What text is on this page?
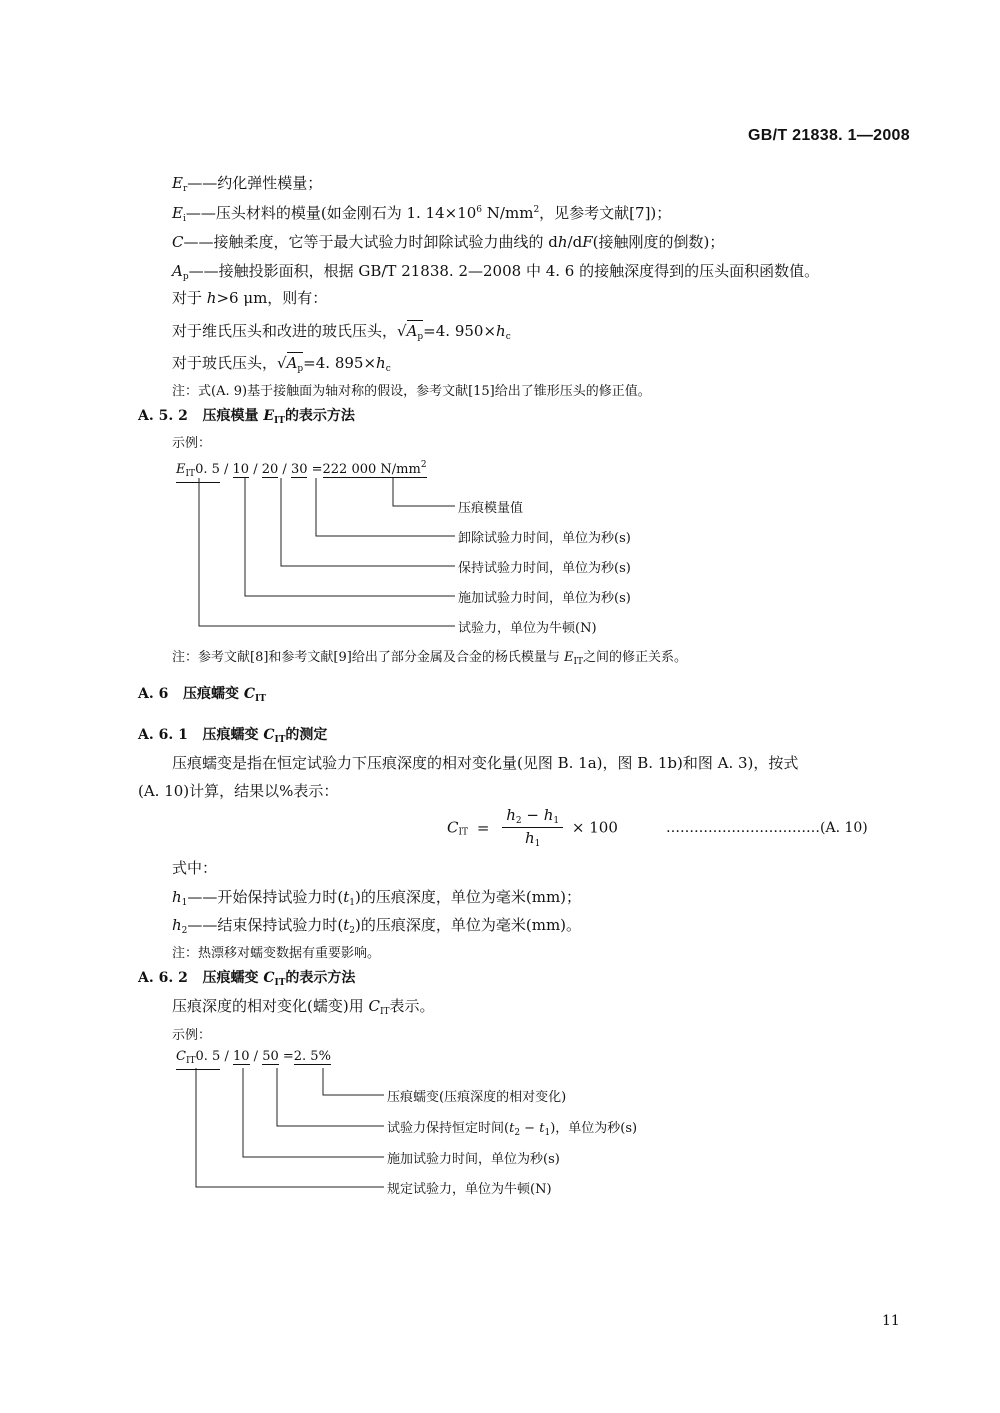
GB/T 21838. 1—2008
$E_r——$约化弹性模量；
$E_i——$压头材料的模量(如金刚石为 1. $14\times 10^6$ $N/mm^2$，见参考文献[7])；
C——接触柔度，它等于最大试验力时卸除试验力曲线的 dh/dF(接触刚度的倒数)；
$A_p——$接触投影面积，根据 GB/T 21838. 2—2008 中 4. 6 的接触深度得到的压头面积函数值。
对于 h>6 μm，则有：
对于维氏压头和改进的玻氏压头，$√A_p=4$. $950\times h_c$
对于玻氏压头，$√A_p=4$. $895\times h_c$
注：式(A. 9)基于接触面为轴对称的假设，参考文献[15]给出了锥形压头的修正值。
A. 5. 2 压痕模量 $E_{IT}$的表示方法
示例：
$E_{IT}0$. 5 / 10 / 20 / 30 =222 000 $N/mm^2$
压痕模量值
卸除试验力时间，单位为秒(s)
保持试验力时间，单位为秒(s)
施加试验力时间，单位为秒(s)
试验力，单位为牛顿(N)
注：参考文献[8]和参考文献[9]给出了部分金属及合金的杨氏模量与 $E_{IT}$之间的修正关系。
A. 6 压痕蠕变 $C_{IT}$
A. 6. 1 压痕蠕变 $C_{IT}$的测定
压痕蠕变是指在恒定试验力下压痕深度的相对变化量(见图 B. 1a)，图 B. 1b)和图 A. 3)，按式
(A. 10)计算，结果以%表示：
$C_{IT} = \frac{h_2 - h_1}{h_1} \times 100$	……………………………(A. 10)
式中：
$h_1——$开始保持试验力时$(t_1)$的压痕深度，单位为毫米(mm)；
$h_2——$结束保持试验力时$(t_2)$的压痕深度，单位为毫米(mm)。
注：热漂移对蠕变数据有重要影响。
A. 6. 2 压痕蠕变 $C_{IT}$的表示方法
压痕深度的相对变化(蠕变)用 $C_{IT}$表示。
示例：
$C_{IT}0$. 5 / 10 / 50 =2. 5%
压痕蠕变(压痕深度的相对变化)
试验力保持恒定时间$(t_2 - t_1)$，单位为秒(s)
施加试验力时间，单位为秒(s)
规定试验力，单位为牛顿(N)
11
